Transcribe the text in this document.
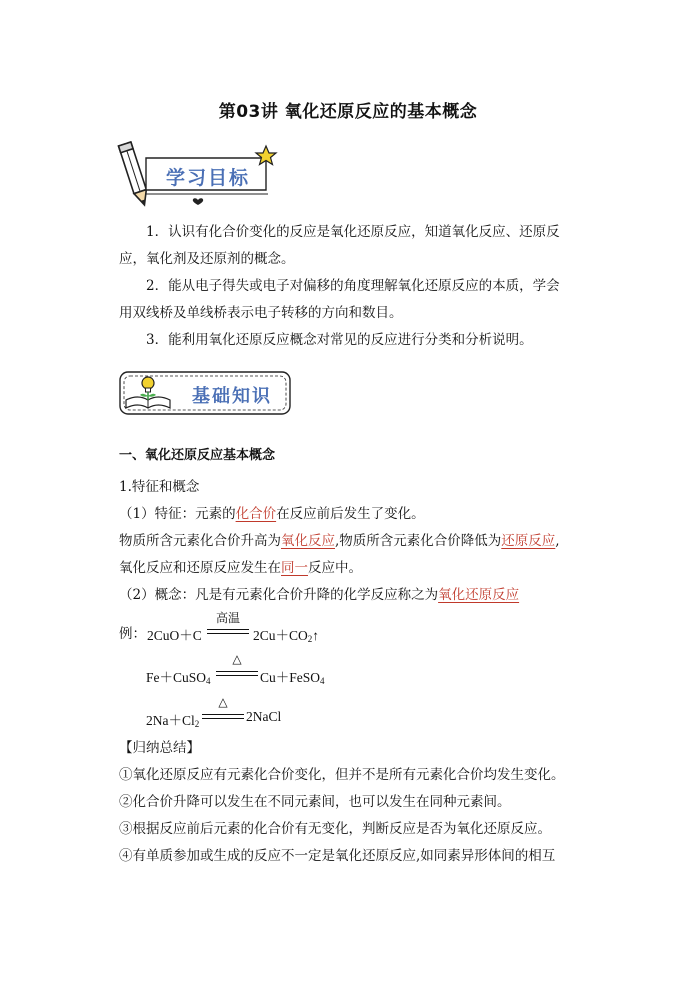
第03讲 氧化还原反应的基本概念
学习目标
1．认识有化合价变化的反应是氧化还原反应，知道氧化反应、还原反
应，氧化剂及还原剂的概念。
2．能从电子得失或电子对偏移的角度理解氧化还原反应的本质，学会
用双线桥及单线桥表示电子转移的方向和数目。
3．能利用氧化还原反应概念对常见的反应进行分类和分析说明。
基础知识
一、氧化还原反应基本概念
1.特征和概念
（1）特征：元素的化合价在反应前后发生了变化。
物质所含元素化合价升高为氧化反应,物质所含元素化合价降低为还原反应,
氧化反应和还原反应发生在同一反应中。
（2）概念：凡是有元素化合价升降的化学反应称之为氧化还原反应
例： 2CuO＋C
高温
$2Cu+CO_2↑$
Fe＋CuSO$_4$
△
Cu＋FeSO$_4$
$2Na+Cl_2$
△
2NaCl
【归纳总结】
①氧化还原反应有元素化合价变化，但并不是所有元素化合价均发生变化。
②化合价升降可以发生在不同元素间，也可以发生在同种元素间。
③根据反应前后元素的化合价有无变化，判断反应是否为氧化还原反应。
④有单质参加或生成的反应不一定是氧化还原反应,如同素异形体间的相互
